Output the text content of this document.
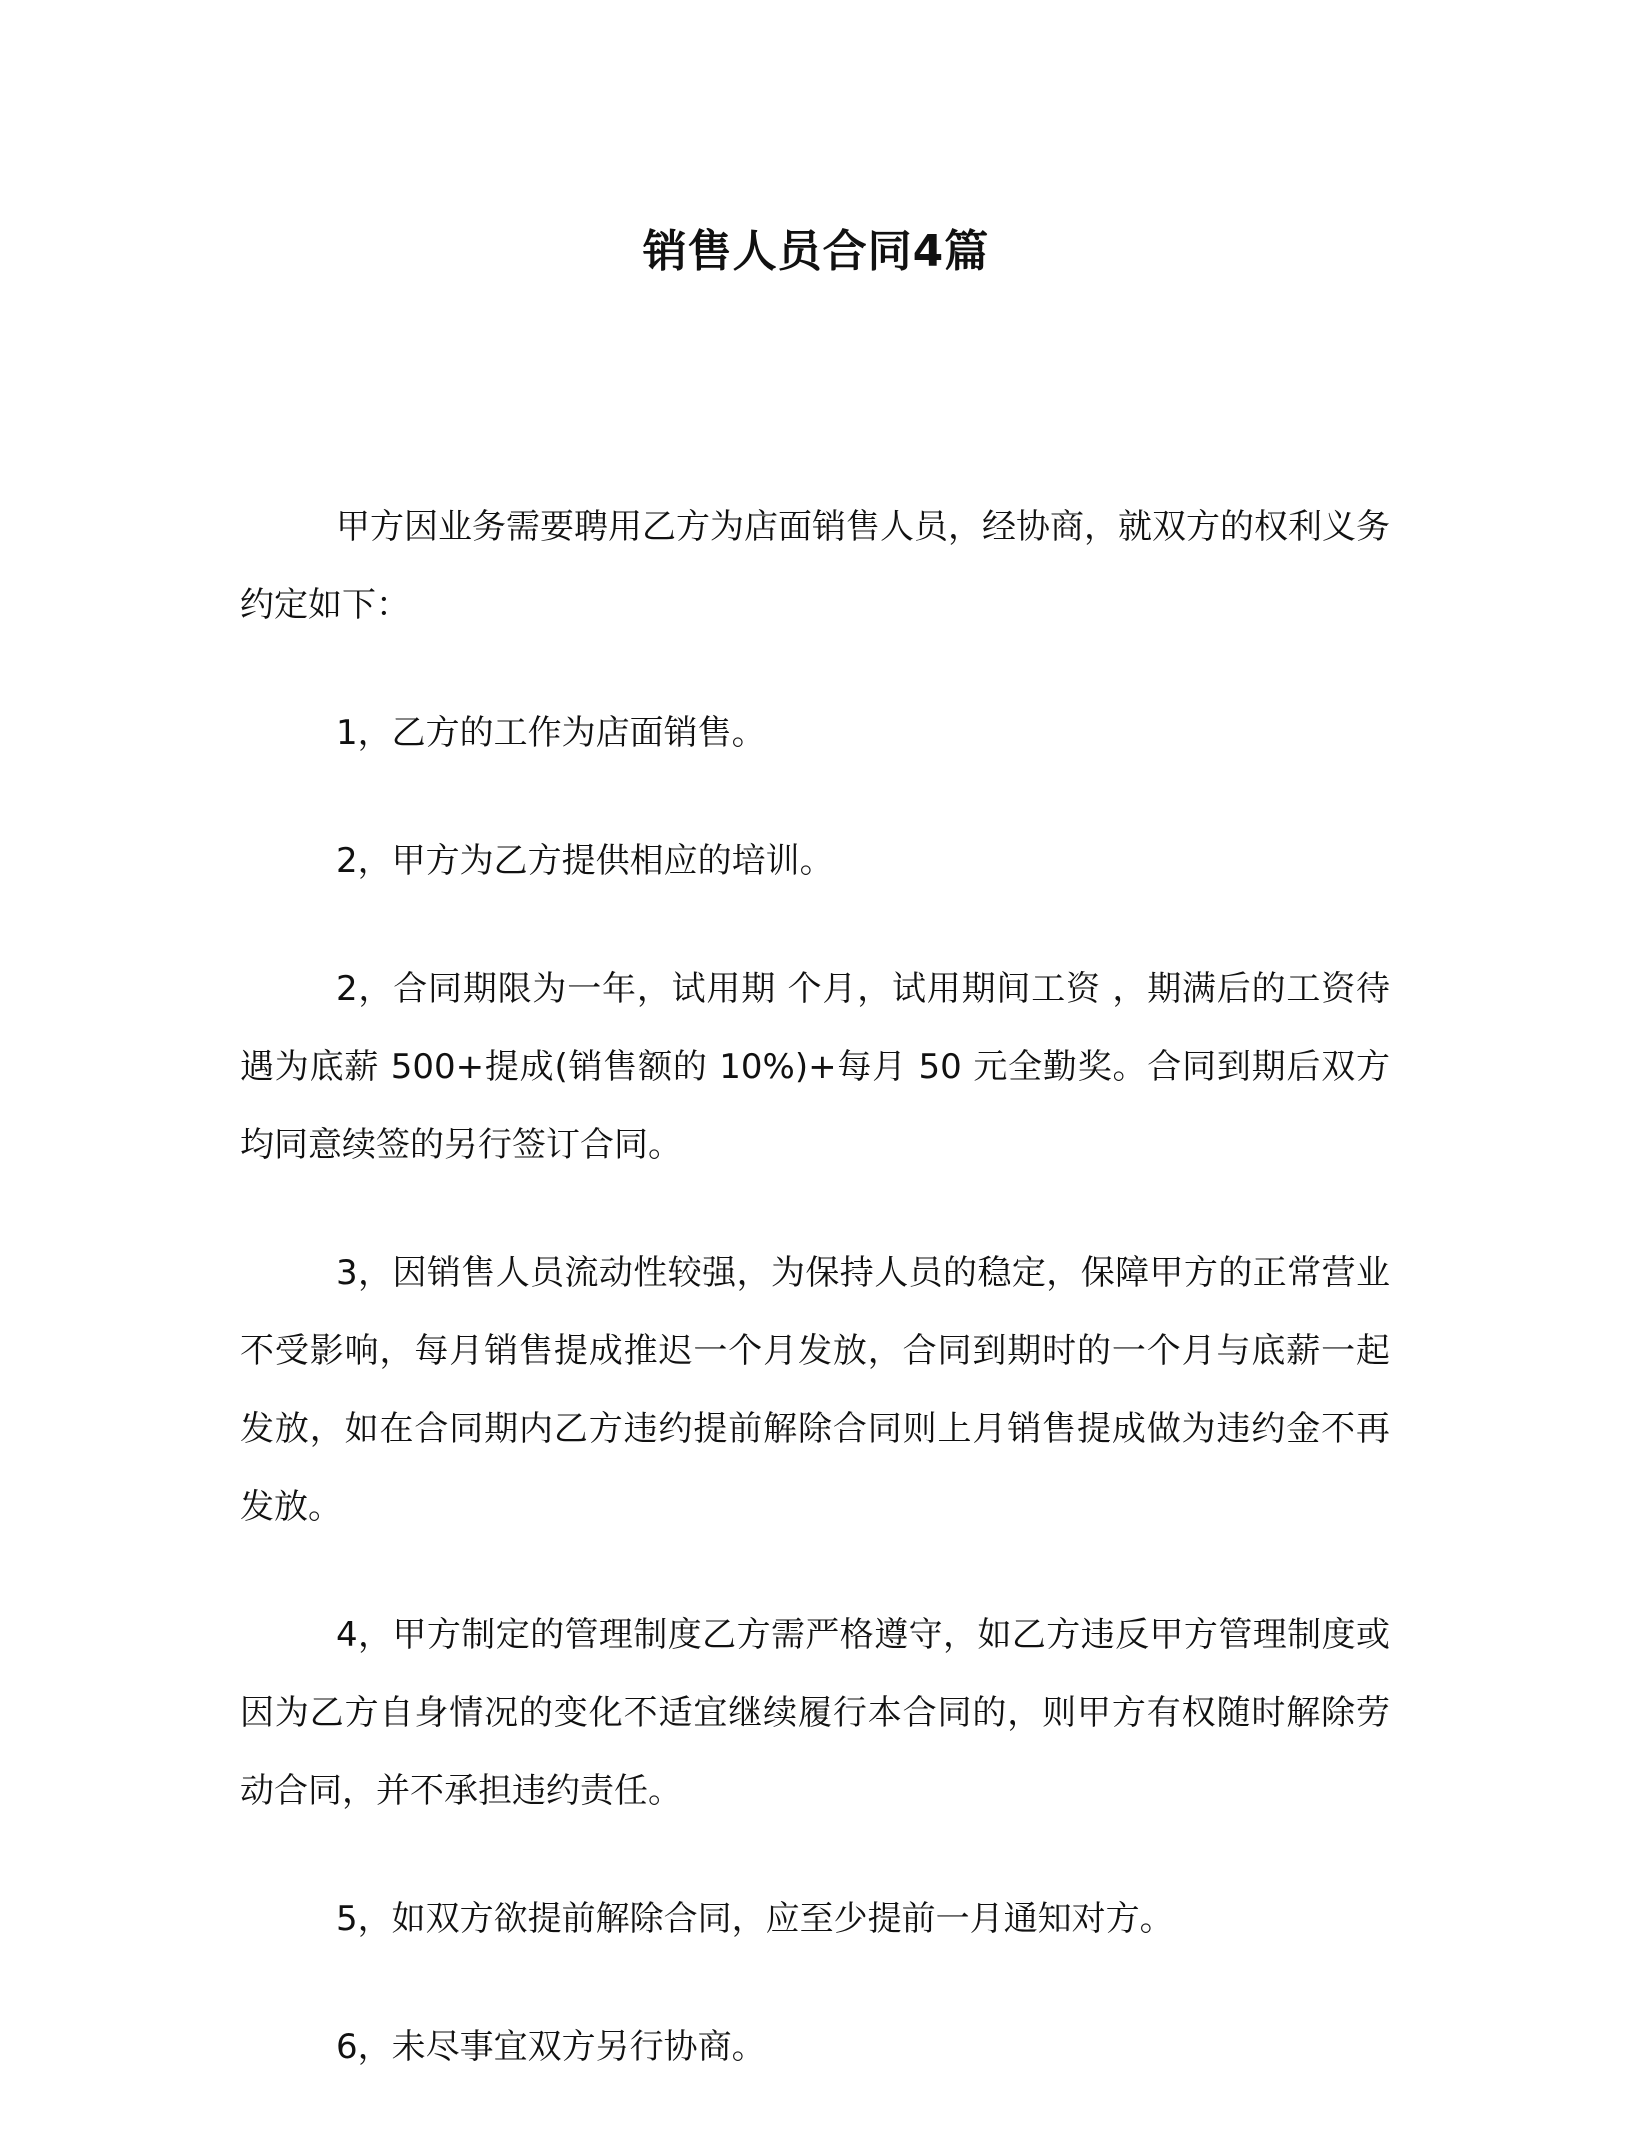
销售人员合同4篇

甲方因业务需要聘用乙方为店面销售人员，经协商，就双方的权利义务约定如下：

1，乙方的工作为店面销售。

2，甲方为乙方提供相应的培训。

2，合同期限为一年，试用期 个月，试用期间工资 ，期满后的工资待遇为底薪 500+提成(销售额的 10%)+每月 50 元全勤奖。合同到期后双方均同意续签的另行签订合同。

3，因销售人员流动性较强，为保持人员的稳定，保障甲方的正常营业不受影响，每月销售提成推迟一个月发放，合同到期时的一个月与底薪一起发放，如在合同期内乙方违约提前解除合同则上月销售提成做为违约金不再发放。

4，甲方制定的管理制度乙方需严格遵守，如乙方违反甲方管理制度或因为乙方自身情况的变化不适宜继续履行本合同的，则甲方有权随时解除劳动合同，并不承担违约责任。

5，如双方欲提前解除合同，应至少提前一月通知对方。

6，未尽事宜双方另行协商。
